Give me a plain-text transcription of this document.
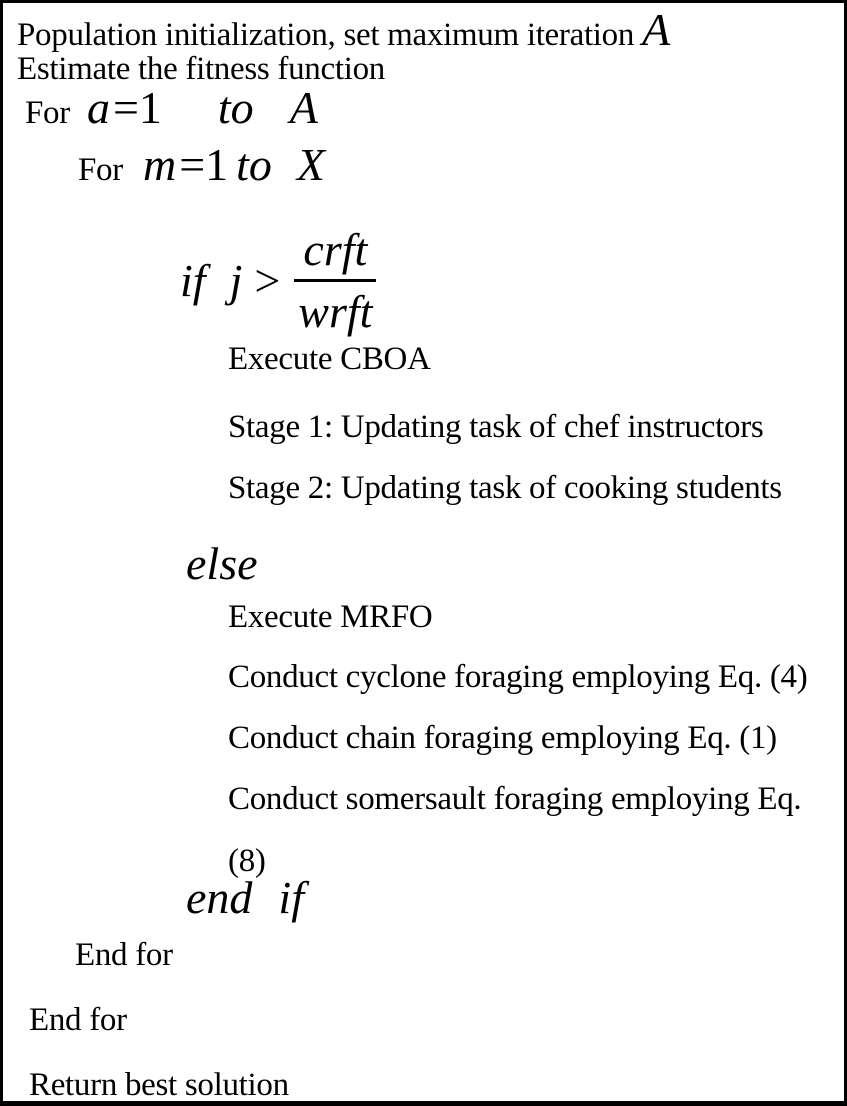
Population initialization, set maximum iteration A
Estimate the fitness function
For a =1 to A
For m =1 to X
if $j > \frac{\text{crft}}{\text{wrft}}$
Execute CBOA
Stage 1: Updating task of chef instructors
Stage 2: Updating task of cooking students
else
Execute MRFO
Conduct cyclone foraging employing Eq. (4)
Conduct chain foraging employing Eq. (1)
Conduct somersault foraging employing Eq. (8)
end if
End for
End for
Return best solution
